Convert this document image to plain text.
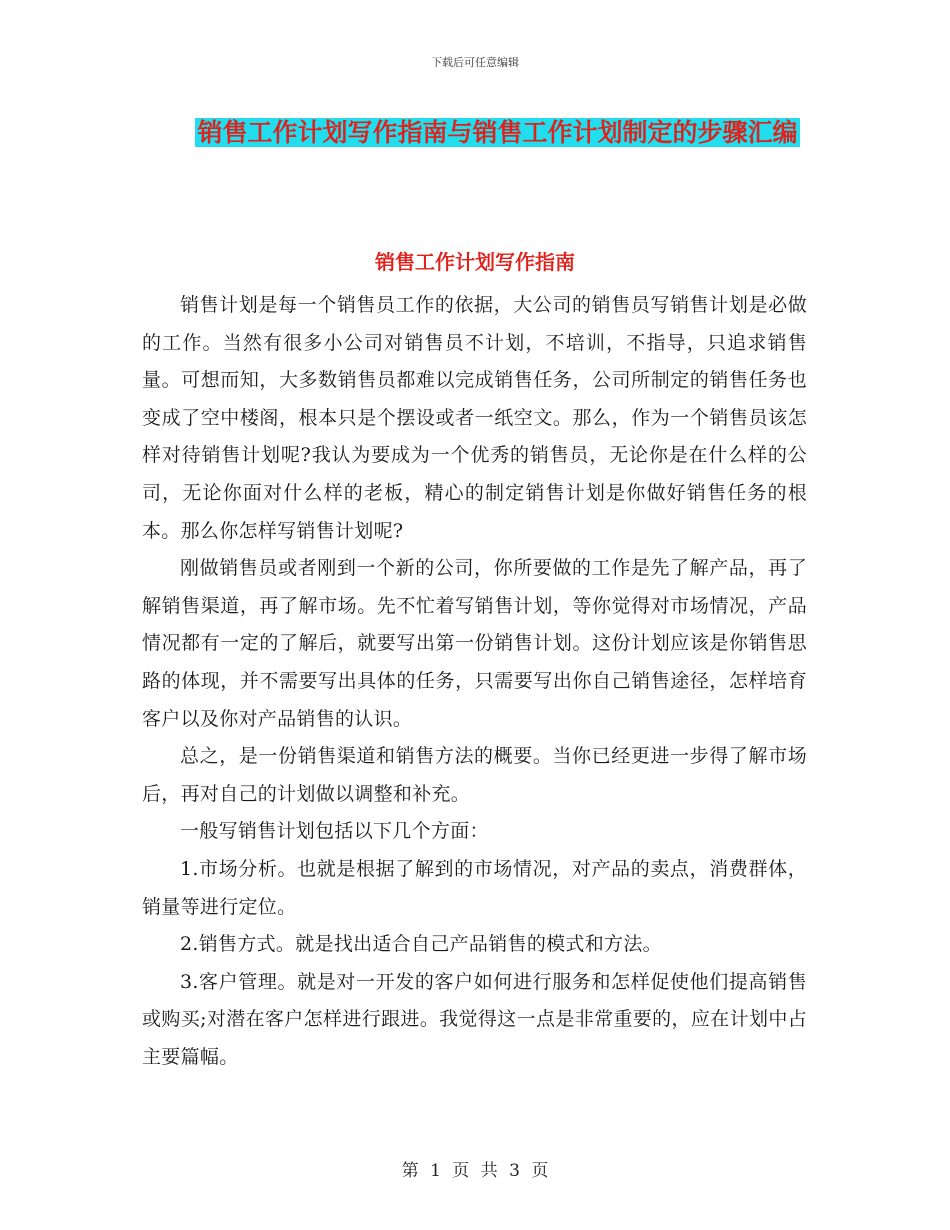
下载后可任意编辑
销售工作计划写作指南与销售工作计划制定的步骤汇编
销售工作计划写作指南

销售计划是每一个销售员工作的依据，大公司的销售员写销售计划是必做的工作。当然有很多小公司对销售员不计划，不培训，不指导，只追求销售量。可想而知，大多数销售员都难以完成销售任务，公司所制定的销售任务也变成了空中楼阁，根本只是个摆设或者一纸空文。那么，作为一个销售员该怎样对待销售计划呢?我认为要成为一个优秀的销售员，无论你是在什么样的公司，无论你面对什么样的老板，精心的制定销售计划是你做好销售任务的根本。那么你怎样写销售计划呢?

刚做销售员或者刚到一个新的公司，你所要做的工作是先了解产品，再了解销售渠道，再了解市场。先不忙着写销售计划，等你觉得对市场情况，产品情况都有一定的了解后，就要写出第一份销售计划。这份计划应该是你销售思路的体现，并不需要写出具体的任务，只需要写出你自己销售途径，怎样培育客户以及你对产品销售的认识。

总之，是一份销售渠道和销售方法的概要。当你已经更进一步得了解市场后，再对自己的计划做以调整和补充。

一般写销售计划包括以下几个方面：

1.市场分析。也就是根据了解到的市场情况，对产品的卖点，消费群体，销量等进行定位。

2.销售方式。就是找出适合自己产品销售的模式和方法。

3.客户管理。就是对一开发的客户如何进行服务和怎样促使他们提高销售或购买;对潜在客户怎样进行跟进。我觉得这一点是非常重要的，应在计划中占主要篇幅。

第 1 页 共 3 页
